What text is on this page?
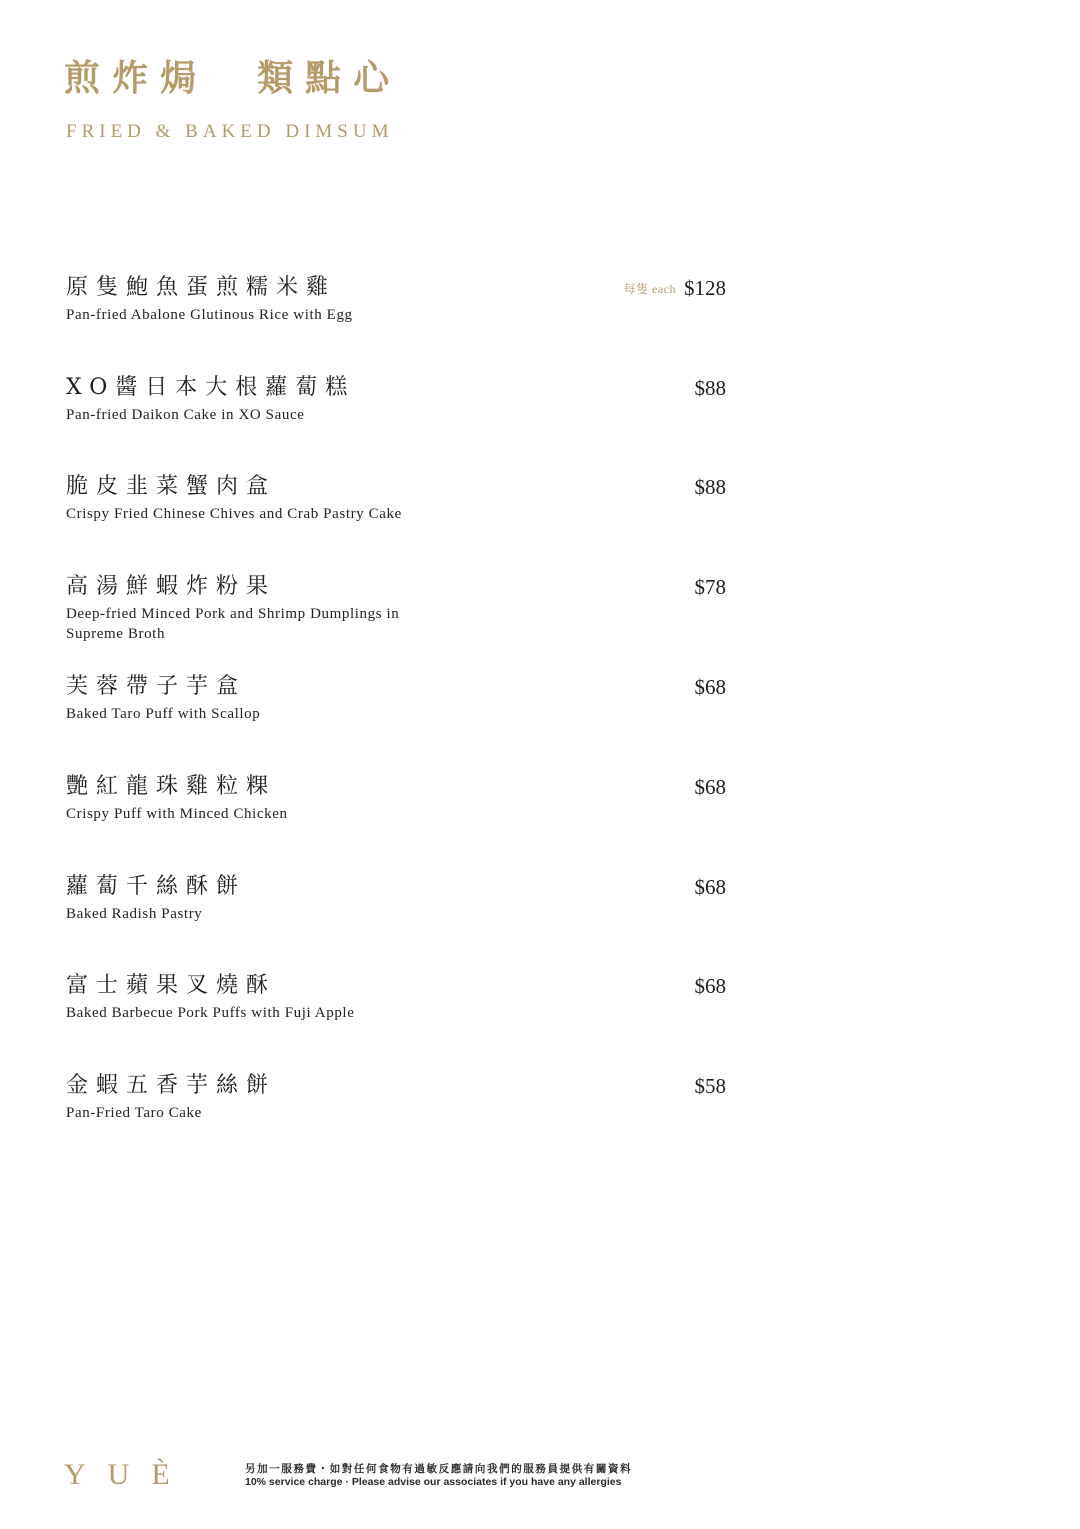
煎炸焗  類點心
FRIED & BAKED DIMSUM
原隻鮑魚蛋煎糯米雞
Pan-fried Abalone Glutinous Rice with Egg
每隻 each $128
XO醬日本大根蘿蔔糕
Pan-fried Daikon Cake in XO Sauce
$88
脆皮韭菜蟹肉盒
Crispy Fried Chinese Chives and Crab Pastry Cake
$88
高湯鮮蝦炸粉果
Deep-fried Minced Pork and Shrimp Dumplings in Supreme Broth
$78
芙蓉帶子芋盒
Baked Taro Puff with Scallop
$68
艷紅龍珠雞粒粿
Crispy Puff with Minced Chicken
$68
蘿蔔千絲酥餅
Baked Radish Pastry
$68
富士蘋果叉燒酥
Baked Barbecue Pork Puffs with Fuji Apple
$68
金蝦五香芋絲餅
Pan-Fried Taro Cake
$58
YUÈ	另加一服務費・如對任何食物有過敏反應請向我們的服務員提供有關資料
10% service charge · Please advise our associates if you have any allergies
